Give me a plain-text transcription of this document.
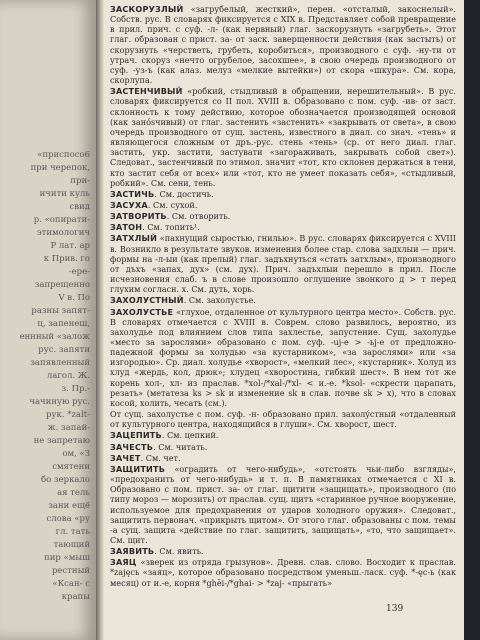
«приспосо6
при черепок,
при-
ичити куль
свид
р. «опирати-
этимологич
Р лат. ар
к Прив. го
-ере-
запрещенно
V в. По
разны запят-
ц, запенеш,
еннный «залож
рус. запяти
запявленный
лагол. Ж.
з. Пр.-
чачиную рус.
рук. *zalt-
ж. запай-
не запретаю
ом, «З
смятени
бо зеркало
ая тель
зани ещё
слова «ру
гл. тать
тающий
пир «мыш
рестный
«Ксан- с
крапы
ЗАСКОРУЗЛЫЙ «загрубелый, жесткий», перен. «отсталый, закоснелый». Собств. рус. В словарях фиксируется с XIX в. Представляет собой превращение в прил. прич. с суф. -л- (как нервный) глаг. заскорузнуть «загрубеть». Этот глаг. образован с прист. за- от заск. заверщенности действия (как застыть) от скорузнуть «черстветь, грубеть, коробиться», производного с суф. -ну-ти от утрач. скоруз «нечто огрубелое, засохшее», в свою очередь производного от суф. -уз-ъ (как алаз. мелуз «мелкие вытейки») от скора «шкура». См. кора, скорлупа.
ЗАСТЕНЧИВЫЙ «робкий, стыдливый в обращении, нерешительный». В рус. словарях фиксируется со II пол. XVIII в. Образовано с пом. суф. -ив- от заст. склонность к тому действию, которое обозначается производящей основой (как занósчивый) от глаг. застенить «застенить» «закрывать от света», в свою очередь производного от сущ. застень, известного в диал. со знач. «тень» и являющегося сложным от дръ.-рус. стень «тень» (ср. от него диал. глаг. застить, укр. застити, застувати «загораживать, закрывать собой свет»). Следоват., застенчивый по этимол. значит «тот, кто склонен держаться в тени, кто застит себя от всех» или «тот, кто не умеет показать себя», «стыдливый, робкий». См. сени, тень.
ЗАСТИЧЬ. См. достичь.
ЗАСУХА. См. сухой.
ЗАТВОРИТЬ. См. отворить.
ЗАТОН. См. топить¹.
ЗАТХЛЫЙ «пахнущий сыростью, гнилью». В рус. словарях фиксируется с XVIII в. Возникло в результате звуков. изменения более стар. слова задхлыи — прич. формы на -л-ыи (как прелый) глаг. задъхнуться «стать затхлым», производного от дъхъ «запах, дух» (см. дух). Прич. задъхлыи перешло в прил. После исчезновения слаб. ъ в слове произошло оглушение звонкого д > т перед глухим согласн. х. См. дуть, хорь.
ЗАХОЛУСТНЫЙ. См. захолустье.
ЗАХОЛУСТЬЕ «глухое, отдаленное от культурного центра место». Собств. рус. В словарях отмечается с XVIII в. Соврем. слово развилось, вероятно, из захолудье под влиянием слов типа захлестье, запустение. Сущ. захолудье «место за зарослями» образовано с пом. суф. -uj-e > -ьj-e от предложно-падежной формы за холудью «за кустарником», «за зарослями» или «за изгородью». Ср. диал. холудье «хворост», «мелкий лес», «кустарник». Холуд из хлуд «жердь, кол, дрюк»; хлудец «хворостина, гибкий шест». В нем тот же корень хол-, хл- из праслав. *xol-/*xal-/*xl- < и.-е. *ksol- «скрести царапать, резать» (метатеза ks > sk и изменение sk в слав. почве sk > x), что в словах косой, холить, чесать (см.).
От сущ. захолустье с пом. суф. -н- образовано прил. захолýстный «отдаленный от культурного центра, находящийся в глуши». См. хворост, шест.
ЗАЦЕПИТЬ. См. цепкий.
ЗАЧЕСТЬ. См. читать.
ЗАЧЕТ. См. чет.
ЗАЩИТИТЬ «оградить от чего-нибудь», «отстоять чьи-либо взгляды», «предохранить от чего-нибудь» и т. п. В памятниках отмечается с XI в. Образовано с пом. прист. за- от глаг. щитити «защищать», производного (по типу мороз — морозить) от праслав. сущ. щитъ «старинное ручное вооружение, используемое для предохранения от ударов холодного оружия». Следоват., защитить первонач. «прикрыть щитом». От этого глаг. образованы с пом. темы -а сущ. защита «действие по глаг. защитить, защищать», «то, что защищает». См. щит.
ЗАЯВИТЬ. См. явить.
ЗАЯЦ «зверек из отряда грызунов». Древн. слав. слово. Восходит к праслав. *zajęcь «заяц», которое образовано посредством уменьш.-ласк. суф. *-ęc-ь (как месяц) от и.-е, корня *ghēi-/*ghai- > *zaj- «прыгать»
139
